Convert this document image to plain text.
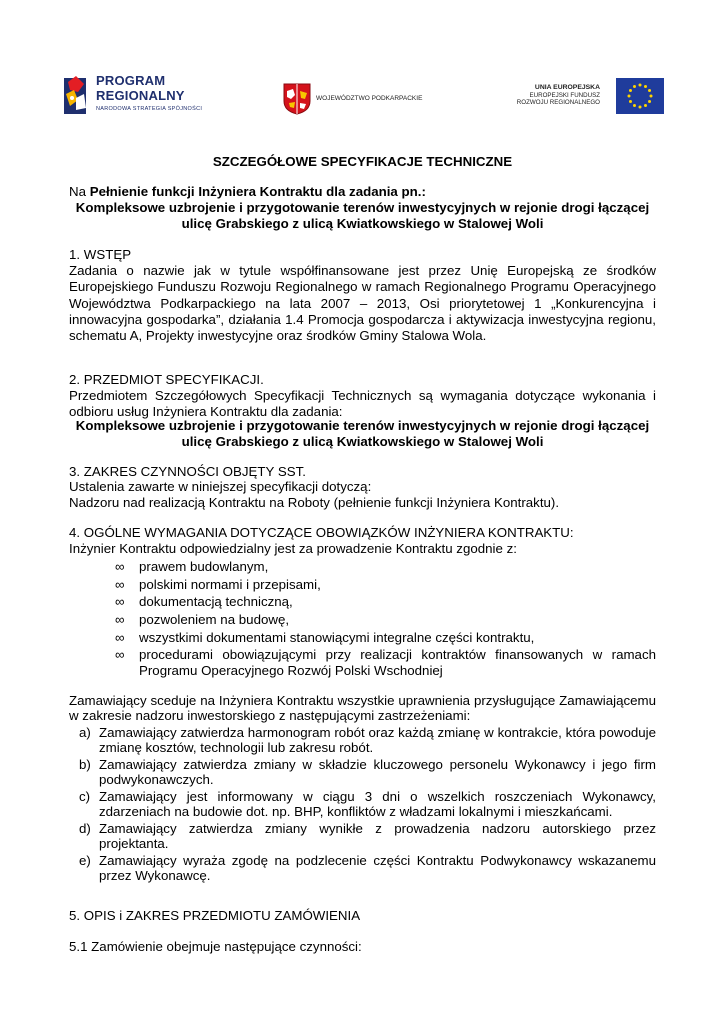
PROGRAM
REGIONALNY
NARODOWA STRATEGIA SPÓJNOŚCI
WOJEWÓDZTWO PODKARPACKIE
UNIA EUROPEJSKA
EUROPEJSKI FUNDUSZ
ROZWOJU REGIONALNEGO
SZCZEGÓŁOWE SPECYFIKACJE TECHNICZNE
Na Pełnienie funkcji Inżyniera Kontraktu dla zadania pn.:
Kompleksowe uzbrojenie i przygotowanie terenów inwestycyjnych w rejonie drogi łączącej
ulicę Grabskiego z ulicą Kwiatkowskiego w Stalowej Woli
1. WSTĘP
Zadania o nazwie jak w tytule współfinansowane jest przez Unię Europejską ze środków Europejskiego Funduszu Rozwoju Regionalnego w ramach Regionalnego Programu Operacyjnego Województwa Podkarpackiego na lata 2007 – 2013, Osi priorytetowej 1 „Konkurencyjna i innowacyjna gospodarka”, działania 1.4 Promocja gospodarcza i aktywizacja inwestycyjna regionu, schematu A, Projekty inwestycyjne oraz środków Gminy Stalowa Wola.
2. PRZEDMIOT SPECYFIKACJI.
Przedmiotem Szczegółowych Specyfikacji Technicznych są wymagania dotyczące wykonania i odbioru usług Inżyniera Kontraktu dla zadania:
Kompleksowe uzbrojenie i przygotowanie terenów inwestycyjnych w rejonie drogi łączącej
ulicę Grabskiego z ulicą Kwiatkowskiego w Stalowej Woli
3. ZAKRES CZYNNOŚCI OBJĘTY SST.
Ustalenia zawarte w niniejszej specyfikacji dotyczą:
Nadzoru nad realizacją Kontraktu na Roboty (pełnienie funkcji Inżyniera Kontraktu).
4. OGÓLNE WYMAGANIA DOTYCZĄCE OBOWIĄZKÓW INŻYNIERA KONTRAKTU:
Inżynier Kontraktu odpowiedzialny jest za prowadzenie Kontraktu zgodnie z:
∞ prawem budowlanym,
∞ polskimi normami i przepisami,
∞ dokumentacją techniczną,
∞ pozwoleniem na budowę,
∞ wszystkimi dokumentami stanowiącymi integralne części kontraktu,
∞ procedurami obowiązującymi przy realizacji kontraktów finansowanych w ramach Programu Operacyjnego Rozwój Polski Wschodniej
Zamawiający sceduje na Inżyniera Kontraktu wszystkie uprawnienia przysługujące Zamawiającemu w zakresie nadzoru inwestorskiego z następującymi zastrzeżeniami:
a) Zamawiający zatwierdza harmonogram robót oraz każdą zmianę w kontrakcie, która powoduje zmianę kosztów, technologii lub zakresu robót.
b) Zamawiający zatwierdza zmiany w składzie kluczowego personelu Wykonawcy i jego firm podwykonawczych.
c) Zamawiający jest informowany w ciągu 3 dni o wszelkich roszczeniach Wykonawcy, zdarzeniach na budowie dot. np. BHP, konfliktów z władzami lokalnymi i mieszkańcami.
d) Zamawiający zatwierdza zmiany wynikłe z prowadzenia nadzoru autorskiego przez projektanta.
e) Zamawiający wyraża zgodę na podzlecenie części Kontraktu Podwykonawcy wskazanemu przez Wykonawcę.
5. OPIS i ZAKRES PRZEDMIOTU ZAMÓWIENIA
5.1 Zamówienie obejmuje następujące czynności:
